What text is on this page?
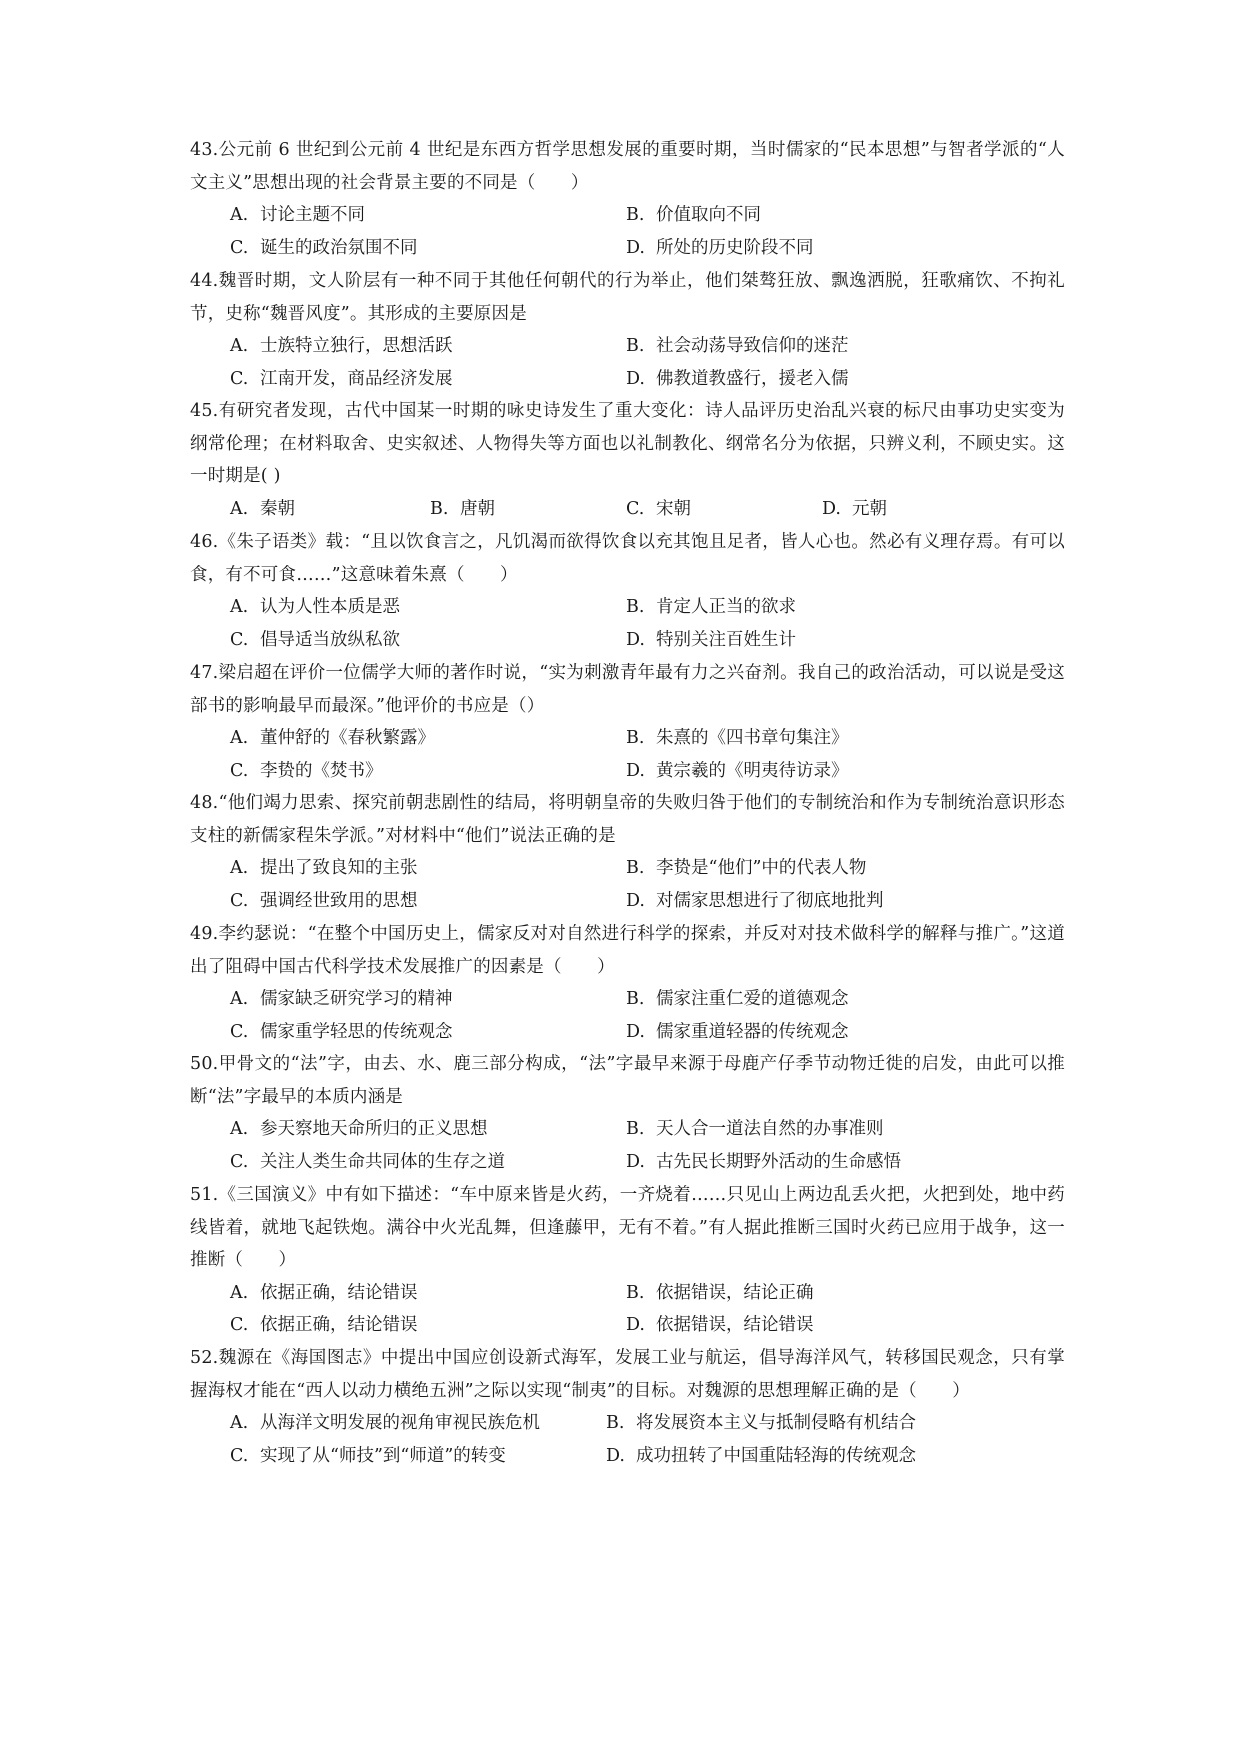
43.公元前 6 世纪到公元前 4 世纪是东西方哲学思想发展的重要时期，当时儒家的“民本思想”与智者学派的“人文主义”思想出现的社会背景主要的不同是（　　）

A. 讨论主题不同	B. 价值取向不同
C. 诞生的政治氛围不同	D. 所处的历史阶段不同

44.魏晋时期，文人阶层有一种不同于其他任何朝代的行为举止，他们桀骜狂放、飘逸洒脱，狂歌痛饮、不拘礼节，史称“魏晋风度”。其形成的主要原因是

A. 士族特立独行，思想活跃	B. 社会动荡导致信仰的迷茫
C. 江南开发，商品经济发展	D. 佛教道教盛行，援老入儒

45.有研究者发现，古代中国某一时期的咏史诗发生了重大变化：诗人品评历史治乱兴衰的标尺由事功史实变为纲常伦理；在材料取舍、史实叙述、人物得失等方面也以礼制教化、纲常名分为依据，只辨义利，不顾史实。这一时期是( )

A. 秦朝	B. 唐朝	C. 宋朝	D. 元朝

46.《朱子语类》载：“且以饮食言之，凡饥渴而欲得饮食以充其饱且足者，皆人心也。然必有义理存焉。有可以食，有不可食……”这意味着朱熹（　　）

A. 认为人性本质是恶	B. 肯定人正当的欲求
C. 倡导适当放纵私欲	D. 特别关注百姓生计

47.梁启超在评价一位儒学大师的著作时说，“实为刺激青年最有力之兴奋剂。我自己的政治活动，可以说是受这部书的影响最早而最深。”他评价的书应是（）

A. 董仲舒的《春秋繁露》	B. 朱熹的《四书章句集注》
C. 李贽的《焚书》	D. 黄宗羲的《明夷待访录》

48.“他们竭力思索、探究前朝悲剧性的结局，将明朝皇帝的失败归咎于他们的专制统治和作为专制统治意识形态支柱的新儒家程朱学派。”对材料中“他们”说法正确的是

A. 提出了致良知的主张	B. 李贽是“他们”中的代表人物
C. 强调经世致用的思想	D. 对儒家思想进行了彻底地批判

49.李约瑟说：“在整个中国历史上，儒家反对对自然进行科学的探索，并反对对技术做科学的解释与推广。”这道出了阻碍中国古代科学技术发展推广的因素是（　　）

A. 儒家缺乏研究学习的精神	B. 儒家注重仁爱的道德观念
C. 儒家重学轻思的传统观念	D. 儒家重道轻器的传统观念

50.甲骨文的“法”字，由去、水、鹿三部分构成，“法”字最早来源于母鹿产仔季节动物迁徙的启发，由此可以推断“法”字最早的本质内涵是

A. 参天察地天命所归的正义思想	B. 天人合一道法自然的办事准则
C. 关注人类生命共同体的生存之道	D. 古先民长期野外活动的生命感悟

51.《三国演义》中有如下描述：“车中原来皆是火药，一齐烧着……只见山上两边乱丢火把，火把到处，地中药线皆着，就地飞起铁炮。满谷中火光乱舞，但逢藤甲，无有不着。”有人据此推断三国时火药已应用于战争，这一推断（　　）

A. 依据正确，结论错误	B. 依据错误，结论正确
C. 依据正确，结论错误	D. 依据错误，结论错误

52.魏源在《海国图志》中提出中国应创设新式海军，发展工业与航运，倡导海洋风气，转移国民观念，只有掌握海权才能在“西人以动力横绝五洲”之际以实现“制夷”的目标。对魏源的思想理解正确的是（　　）

A. 从海洋文明发展的视角审视民族危机	B. 将发展资本主义与抵制侵略有机结合
C. 实现了从“师技”到“师道”的转变	D. 成功扭转了中国重陆轻海的传统观念
